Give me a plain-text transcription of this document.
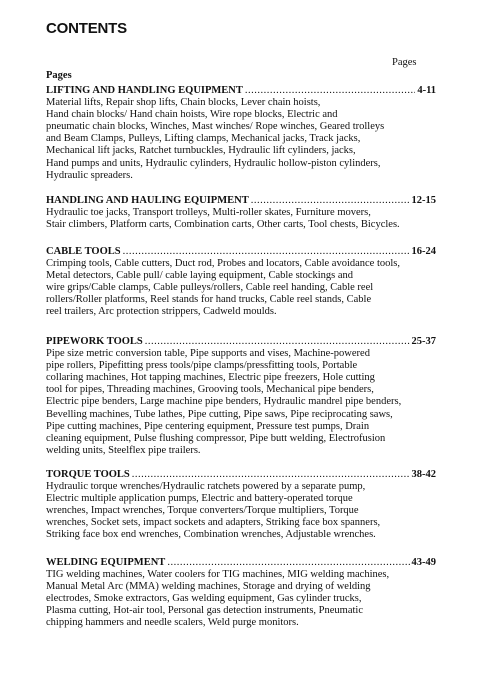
CONTENTS
Pages
Pages
LIFTING AND HANDLING EQUIPMENT .....	4-11
Material lifts, Repair shop lifts, Chain blocks, Lever chain hoists,
Hand chain blocks/ Hand chain hoists, Wire rope blocks, Electric and
pneumatic chain blocks, Winches, Mast winches/ Rope winches, Geared trolleys
and Beam Clamps, Pulleys, Lifting clamps, Mechanical jacks, Track jacks,
Mechanical lift jacks, Ratchet turnbuckles, Hydraulic lift cylinders, jacks,
Hand pumps and units, Hydraulic cylinders, Hydraulic hollow-piston cylinders,
Hydraulic spreaders.
HANDLING AND HAULING EQUIPMENT .....	12-15
Hydraulic toe jacks, Transport trolleys, Multi-roller skates, Furniture movers,
Stair climbers, Platform carts, Combination carts, Other carts, Tool chests, Bicycles.
CABLE TOOLS .....	16-24
Crimping tools, Cable cutters, Duct rod, Probes and locators, Cable avoidance tools,
Metal detectors, Cable pull/ cable laying equipment, Cable stockings and
wire grips/Cable clamps, Cable pulleys/rollers, Cable reel handing, Cable reel
rollers/Roller platforms, Reel stands for hand trucks, Cable reel stands, Cable
reel trailers, Arc protection strippers, Cadweld moulds.
PIPEWORK TOOLS .....	25-37
Pipe size metric conversion table, Pipe supports and vises, Machine-powered
pipe rollers, Pipefitting press tools/pipe clamps/pressfitting tools, Portable
collaring machines, Hot tapping machines, Electric pipe freezers, Hole cutting
tool for pipes, Threading machines, Grooving tools, Mechanical pipe benders,
Electric pipe benders, Large machine pipe benders, Hydraulic mandrel pipe benders,
Bevelling machines, Tube lathes, Pipe cutting, Pipe saws, Pipe reciprocating saws,
Pipe cutting machines, Pipe centering equipment, Pressure test pumps, Drain
cleaning equipment, Pulse flushing compressor, Pipe butt welding, Electrofusion
welding units, Steelflex pipe trailers.
TORQUE TOOLS .....	38-42
Hydraulic torque wrenches/Hydraulic ratchets powered by a separate pump,
Electric multiple application pumps, Electric and battery-operated torque
wrenches, Impact wrenches, Torque converters/Torque multipliers, Torque
wrenches, Socket sets, impact sockets and adapters, Striking face box spanners,
Striking face box end wrenches, Combination wrenches, Adjustable wrenches.
WELDING EQUIPMENT .....	43-49
TIG welding machines, Water coolers for TIG machines, MIG welding machines,
Manual Metal Arc (MMA) welding machines, Storage and drying of welding
electrodes, Smoke extractors, Gas welding equipment, Gas cylinder trucks,
Plasma cutting, Hot-air tool, Personal gas detection instruments, Pneumatic
chipping hammers and needle scalers, Weld purge monitors.
